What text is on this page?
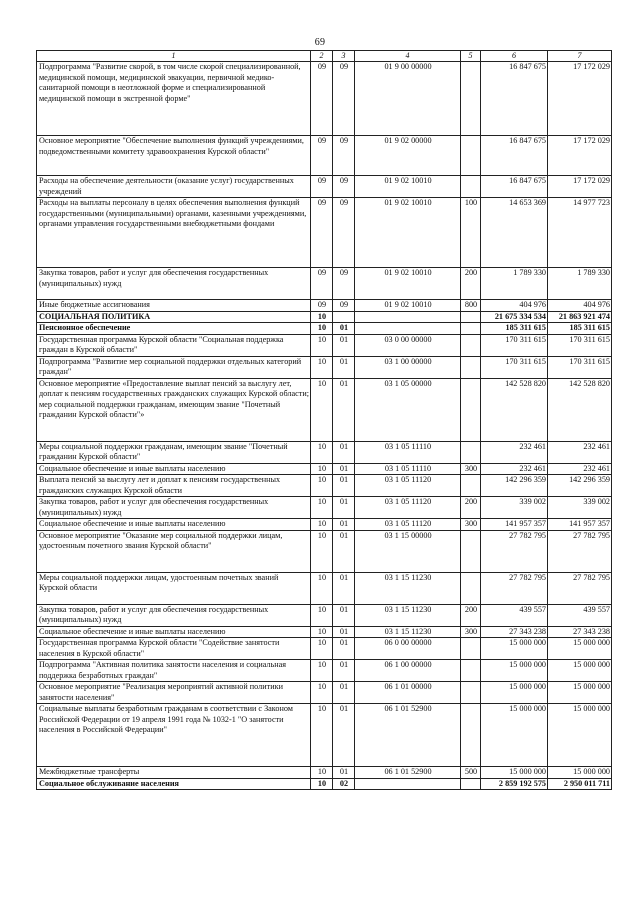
69
1	2	3	4	5	6	7
Подпрограмма "Развитие скорой, в том числе скорой специализированной, медицинской помощи, медицинской эвакуации, первичной медико-санитарной помощи в неотложной форме и специализированной медицинской помощи в экстренной форме"	09	09	01 9 00 00000		16 847 675	17 172 029
Основное мероприятие "Обеспечение выполнения функций учреждениями, подведомственными комитету здравоохранения Курской области"	09	09	01 9 02 00000		16 847 675	17 172 029
Расходы на обеспечение деятельности (оказание услуг) государственных учреждений	09	09	01 9 02 10010		16 847 675	17 172 029
Расходы на выплаты персоналу в целях обеспечения выполнения функций государственными (муниципальными) органами, казенными учреждениями, органами управления государственными внебюджетными фондами	09	09	01 9 02 10010	100	14 653 369	14 977 723
Закупка товаров, работ и услуг для обеспечения государственных (муниципальных) нужд	09	09	01 9 02 10010	200	1 789 330	1 789 330
Иные бюджетные ассигнования	09	09	01 9 02 10010	800	404 976	404 976
СОЦИАЛЬНАЯ ПОЛИТИКА	10				21 675 334 534	21 863 921 474
Пенсионное обеспечение	10	01			185 311 615	185 311 615
Государственная программа Курской области "Социальная поддержка граждан в Курской области"	10	01	03 0 00 00000		170 311 615	170 311 615
Подпрограмма "Развитие мер социальной поддержки отдельных категорий граждан"	10	01	03 1 00 00000		170 311 615	170 311 615
Основное мероприятие «Предоставление выплат пенсий за выслугу лет, доплат к пенсиям государственных гражданских служащих Курской области; мер социальной поддержки гражданам, имеющим звание "Почетный гражданин Курской области"»	10	01	03 1 05 00000		142 528 820	142 528 820
Меры социальной поддержки гражданам, имеющим звание "Почетный гражданин Курской области"	10	01	03 1 05 11110		232 461	232 461
Социальное обеспечение и иные выплаты населению	10	01	03 1 05 11110	300	232 461	232 461
Выплата пенсий за выслугу лет и доплат к пенсиям государственных гражданских служащих Курской области	10	01	03 1 05 11120		142 296 359	142 296 359
Закупка товаров, работ и услуг для обеспечения государственных (муниципальных) нужд	10	01	03 1 05 11120	200	339 002	339 002
Социальное обеспечение и иные выплаты населению	10	01	03 1 05 11120	300	141 957 357	141 957 357
Основное мероприятие "Оказание мер социальной поддержки лицам, удостоенным почетного звания Курской области"	10	01	03 1 15 00000		27 782 795	27 782 795
Меры социальной поддержки лицам, удостоенным почетных званий Курской области	10	01	03 1 15 11230		27 782 795	27 782 795
Закупка товаров, работ и услуг для обеспечения государственных (муниципальных) нужд	10	01	03 1 15 11230	200	439 557	439 557
Социальное обеспечение и иные выплаты населению	10	01	03 1 15 11230	300	27 343 238	27 343 238
Государственная программа Курской области "Содействие занятости населения в Курской области"	10	01	06 0 00 00000		15 000 000	15 000 000
Подпрограмма "Активная политика занятости населения и социальная поддержка безработных граждан"	10	01	06 1 00 00000		15 000 000	15 000 000
Основное мероприятие "Реализация мероприятий активной политики занятости населения"	10	01	06 1 01 00000		15 000 000	15 000 000
Социальные выплаты безработным гражданам в соответствии с Законом Российской Федерации от 19 апреля 1991 года № 1032-1 "О занятости населения в Российской Федерации"	10	01	06 1 01 52900		15 000 000	15 000 000
Межбюджетные трансферты	10	01	06 1 01 52900	500	15 000 000	15 000 000
Социальное обслуживание населения	10	02			2 859 192 575	2 950 011 711
